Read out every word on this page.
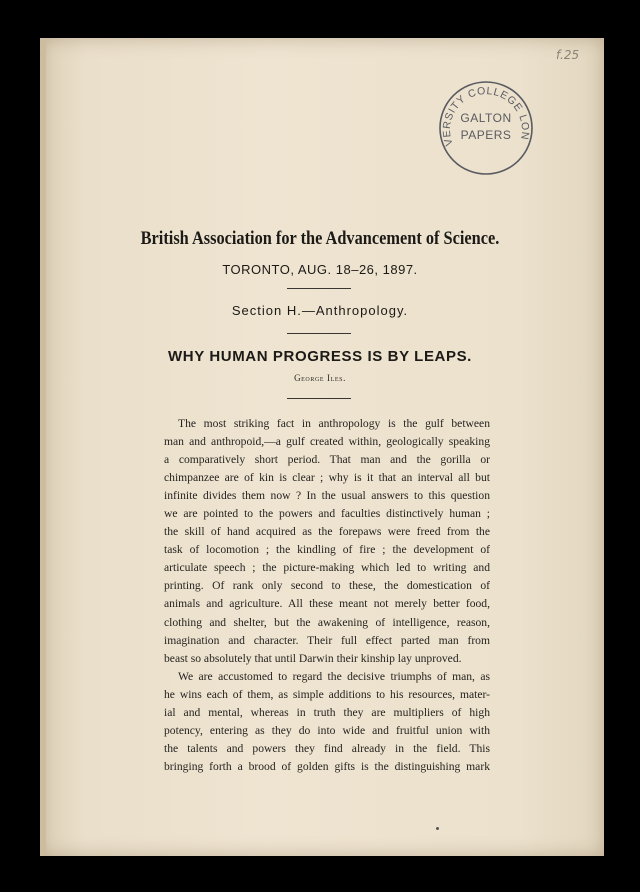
f.25
VERSITY COLLEGE LON
GALTON
PAPERS
British Association for the Advancement of Science.
TORONTO, AUG. 18–26, 1897.
Section H.—Anthropology.
WHY HUMAN PROGRESS IS BY LEAPS.
George Iles.
The most striking fact in anthropology is the gulf between
man and anthropoid,—a gulf created within, geologically speaking
a comparatively short period. That man and the gorilla or
chimpanzee are of kin is clear ; why is it that an interval all but
infinite divides them now ? In the usual answers to this question
we are pointed to the powers and faculties distinctively human ;
the skill of hand acquired as the forepaws were freed from the
task of locomotion ; the kindling of fire ; the development of
articulate speech ; the picture-making which led to writing and
printing. Of rank only second to these, the domestication of
animals and agriculture. All these meant not merely better food,
clothing and shelter, but the awakening of intelligence, reason,
imagination and character. Their full effect parted man from
beast so absolutely that until Darwin their kinship lay unproved.
We are accustomed to regard the decisive triumphs of man, as
he wins each of them, as simple additions to his resources, mater-
ial and mental, whereas in truth they are multipliers of high
potency, entering as they do into wide and fruitful union with
the talents and powers they find already in the field. This
bringing forth a brood of golden gifts is the distinguishing mark
